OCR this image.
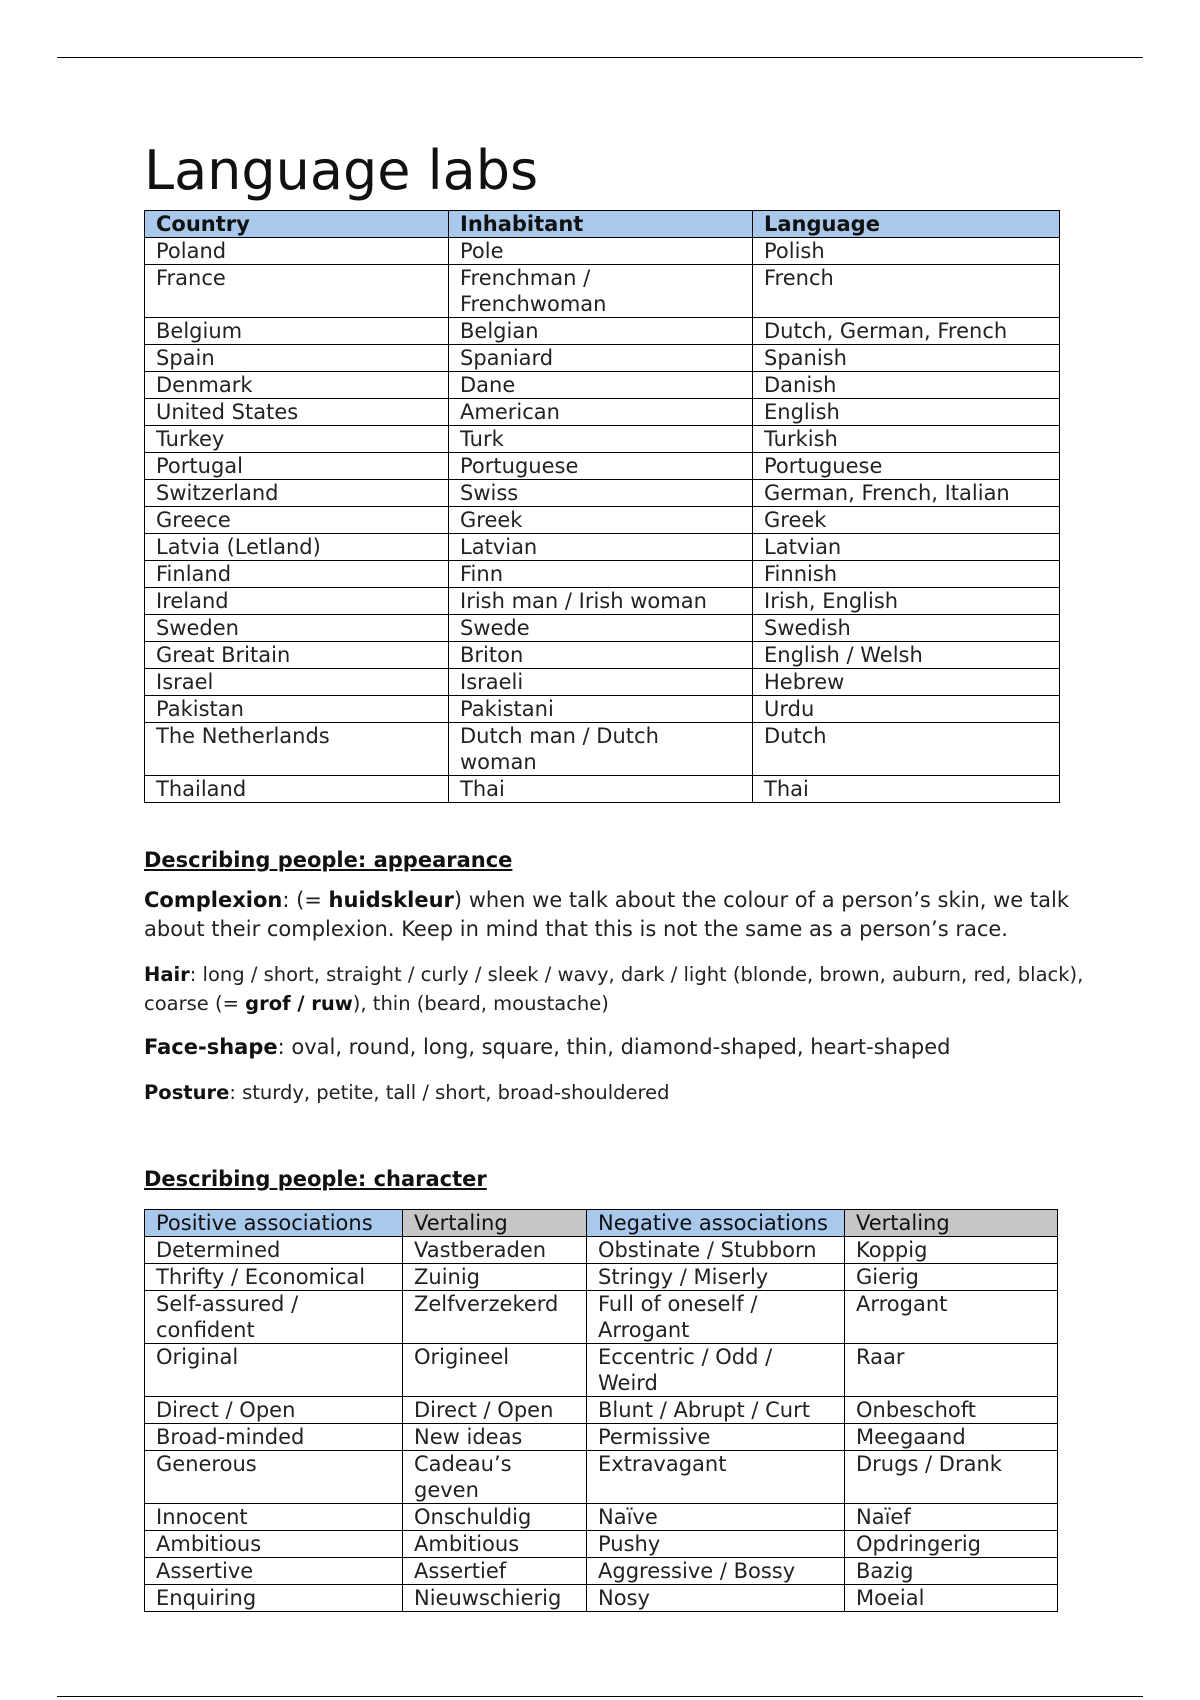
Language labs
Country	Inhabitant	Language
Poland	Pole	Polish
France	Frenchman / Frenchwoman	French
Belgium	Belgian	Dutch, German, French
Spain	Spaniard	Spanish
Denmark	Dane	Danish
United States	American	English
Turkey	Turk	Turkish
Portugal	Portuguese	Portuguese
Switzerland	Swiss	German, French, Italian
Greece	Greek	Greek
Latvia (Letland)	Latvian	Latvian
Finland	Finn	Finnish
Ireland	Irish man / Irish woman	Irish, English
Sweden	Swede	Swedish
Great Britain	Briton	English / Welsh
Israel	Israeli	Hebrew
Pakistan	Pakistani	Urdu
The Netherlands	Dutch man / Dutch woman	Dutch
Thailand	Thai	Thai
Describing people: appearance

Complexion: (= huidskleur) when we talk about the colour of a person’s skin, we talk about their complexion. Keep in mind that this is not the same as a person’s race.

Hair: long / short, straight / curly / sleek / wavy, dark / light (blonde, brown, auburn, red, black), coarse (= grof / ruw), thin (beard, moustache)

Face-shape: oval, round, long, square, thin, diamond-shaped, heart-shaped

Posture: sturdy, petite, tall / short, broad-shouldered

Describing people: character
Positive associations	Vertaling	Negative associations	Vertaling
Determined	Vastberaden	Obstinate / Stubborn	Koppig
Thrifty / Economical	Zuinig	Stringy / Miserly	Gierig
Self-assured / confident	Zelfverzekerd	Full of oneself / Arrogant	Arrogant
Original	Origineel	Eccentric / Odd / Weird	Raar
Direct / Open	Direct / Open	Blunt / Abrupt / Curt	Onbeschoft
Broad-minded	New ideas	Permissive	Meegaand
Generous	Cadeau’s geven	Extravagant	Drugs / Drank
Innocent	Onschuldig	Naïve	Naïef
Ambitious	Ambitious	Pushy	Opdringerig
Assertive	Assertief	Aggressive / Bossy	Bazig
Enquiring	Nieuwschierig	Nosy	Moeial
